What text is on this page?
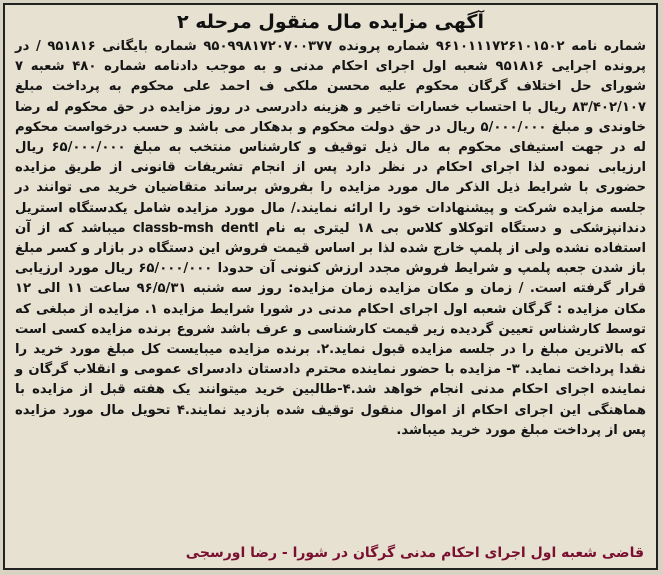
آگهی مزایده مال منقول مرحله ۲
شماره نامه ۹۶۱۰۱۱۱۷۲۶۱۰۱۵۰۲ شماره پرونده ۹۵۰۹۹۸۱۷۲۰۷۰۰۳۷۷ شماره بایگانی ۹۵۱۸۱۶ / در پرونده اجرایی ۹۵۱۸۱۶ شعبه اول اجرای احکام مدنی و به موجب دادنامه شماره ۴۸۰ شعبه ۷ شورای حل اختلاف گرگان محکوم علیه محسن ملکی ف احمد علی محکوم به پرداخت مبلغ ۸۳/۴۰۲/۱۰۷ ریال با احتساب خسارات تاخیر و هزینه دادرسی در روز مزایده در حق محکوم له رضا خاوندی و مبلغ ۵/۰۰۰/۰۰۰ ریال در حق دولت محکوم و بدهکار می باشد و حسب درخواست محکوم له در جهت استیفای محکوم به مال ذیل توقیف و کارشناس منتخب به مبلغ ۶۵/۰۰۰/۰۰۰ ریال ارزیابی نموده لذا اجرای احکام در نظر دارد پس از انجام تشریفات قانونی از طریق مزایده حضوری با شرایط ذیل الذکر مال مورد مزایده را بفروش برساند متقاضیان خرید می توانند در جلسه مزایده شرکت و پیشنهادات خود را ارائه نمایند./ مال مورد مزایده شامل یکدستگاه استریل دندانپزشکی و دستگاه اتوکلاو کلاس بی ۱۸ لیتری به نام classb-msh dentl میباشد که از آن استفاده نشده ولی از پلمپ خارج شده لذا بر اساس قیمت فروش این دستگاه در بازار و کسر مبلغ باز شدن جعبه پلمپ و شرایط فروش مجدد ارزش کنونی آن حدودا ۶۵/۰۰۰/۰۰۰ ریال مورد ارزیابی قرار گرفته است. / زمان و مکان مزایده زمان مزایده: روز سه شنبه ۹۶/۵/۳۱ ساعت ۱۱ الی ۱۲ مکان مزایده : گرگان شعبه اول اجرای احکام مدنی در شورا شرایط مزایده ۱. مزایده از مبلغی که توسط کارشناس تعیین گردیده زیر قیمت کارشناسی و عرف باشد شروع برنده مزایده کسی است که بالاترین مبلغ را در جلسه مزایده قبول نماید.۲. برنده مزایده میبایست کل مبلغ مورد خرید را نقدا پرداخت نماید. ۳- مزایده با حضور نماینده محترم دادستان دادسرای عمومی و انقلاب گرگان و نماینده اجرای احکام مدنی انجام خواهد شد.۴-طالبین خرید میتوانند یک هفته قبل از مزایده با هماهنگی این اجرای احکام از اموال منقول توقیف شده بازدید نمایند.۴ تحویل مال مورد مزایده پس از پرداخت مبلغ مورد خرید میباشد.
قاضی شعبه اول اجرای احکام مدنی گرگان در شورا - رضا اورسجی
